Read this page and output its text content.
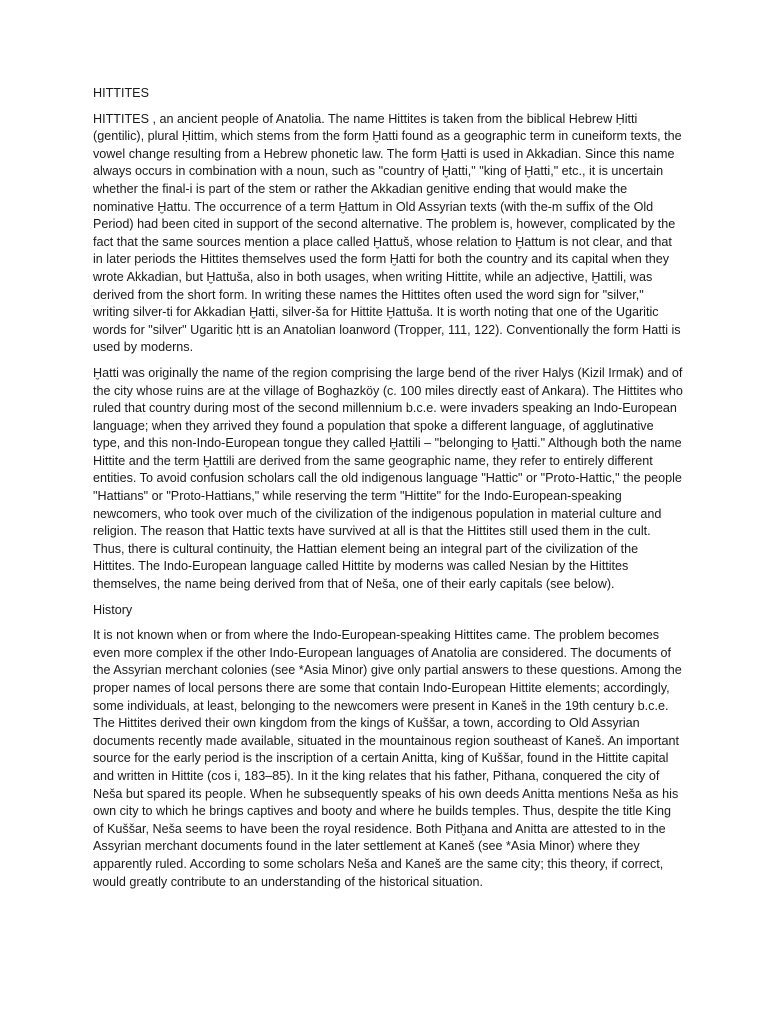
HITTITES

HITTITES , an ancient people of Anatolia. The name Hittites is taken from the biblical Hebrew Ḥitti (gentilic), plural Ḥittim, which stems from the form Ḫatti found as a geographic term in cuneiform texts, the vowel change resulting from a Hebrew phonetic law. The form Ḫatti is used in Akkadian. Since this name always occurs in combination with a noun, such as "country of Ḫatti," "king of Ḫatti," etc., it is uncertain whether the final-i is part of the stem or rather the Akkadian genitive ending that would make the nominative Ḫattu. The occurrence of a term Ḫattum in Old Assyrian texts (with the-m suffix of the Old Period) had been cited in support of the second alternative. The problem is, however, complicated by the fact that the same sources mention a place called Ḫattuš, whose relation to Ḫattum is not clear, and that in later periods the Hittites themselves used the form Ḫatti for both the country and its capital when they wrote Akkadian, but Ḫattuša, also in both usages, when writing Hittite, while an adjective, Ḫattili, was derived from the short form. In writing these names the Hittites often used the word sign for "silver," writing silver-ti for Akkadian Ḫatti, silver-ša for Hittite Ḫattuša. It is worth noting that one of the Ugaritic words for "silver" Ugaritic ḥtt is an Anatolian loanword (Tropper, 111, 122). Conventionally the form Hatti is used by moderns.

Ḫatti was originally the name of the region comprising the large bend of the river Halys (Kizil Irmak) and of the city whose ruins are at the village of Boghazköy (c. 100 miles directly east of Ankara). The Hittites who ruled that country during most of the second millennium b.c.e. were invaders speaking an Indo-European language; when they arrived they found a population that spoke a different language, of agglutinative type, and this non-Indo-European tongue they called Ḫattili – "belonging to Ḫatti." Although both the name Hittite and the term Ḫattili are derived from the same geographic name, they refer to entirely different entities. To avoid confusion scholars call the old indigenous language "Hattic" or "Proto-Hattic," the people "Hattians" or "Proto-Hattians," while reserving the term "Hittite" for the Indo-European-speaking newcomers, who took over much of the civilization of the indigenous population in material culture and religion. The reason that Hattic texts have survived at all is that the Hittites still used them in the cult. Thus, there is cultural continuity, the Hattian element being an integral part of the civilization of the Hittites. The Indo-European language called Hittite by moderns was called Nesian by the Hittites themselves, the name being derived from that of Neša, one of their early capitals (see below).

History

It is not known when or from where the Indo-European-speaking Hittites came. The problem becomes even more complex if the other Indo-European languages of Anatolia are considered. The documents of the Assyrian merchant colonies (see *Asia Minor) give only partial answers to these questions. Among the proper names of local persons there are some that contain Indo-European Hittite elements; accordingly, some individuals, at least, belonging to the newcomers were present in Kaneš in the 19th century b.c.e. The Hittites derived their own kingdom from the kings of Kuššar, a town, according to Old Assyrian documents recently made available, situated in the mountainous region southeast of Kaneš. An important source for the early period is the inscription of a certain Anitta, king of Kuššar, found in the Hittite capital and written in Hittite (cos i, 183–85). In it the king relates that his father, Pithana, conquered the city of Neša but spared its people. When he subsequently speaks of his own deeds Anitta mentions Neša as his own city to which he brings captives and booty and where he builds temples. Thus, despite the title King of Kuššar, Neša seems to have been the royal residence. Both Pitḫana and Anitta are attested to in the Assyrian merchant documents found in the later settlement at Kaneš (see *Asia Minor) where they apparently ruled. According to some scholars Neša and Kaneš are the same city; this theory, if correct, would greatly contribute to an understanding of the historical situation.
